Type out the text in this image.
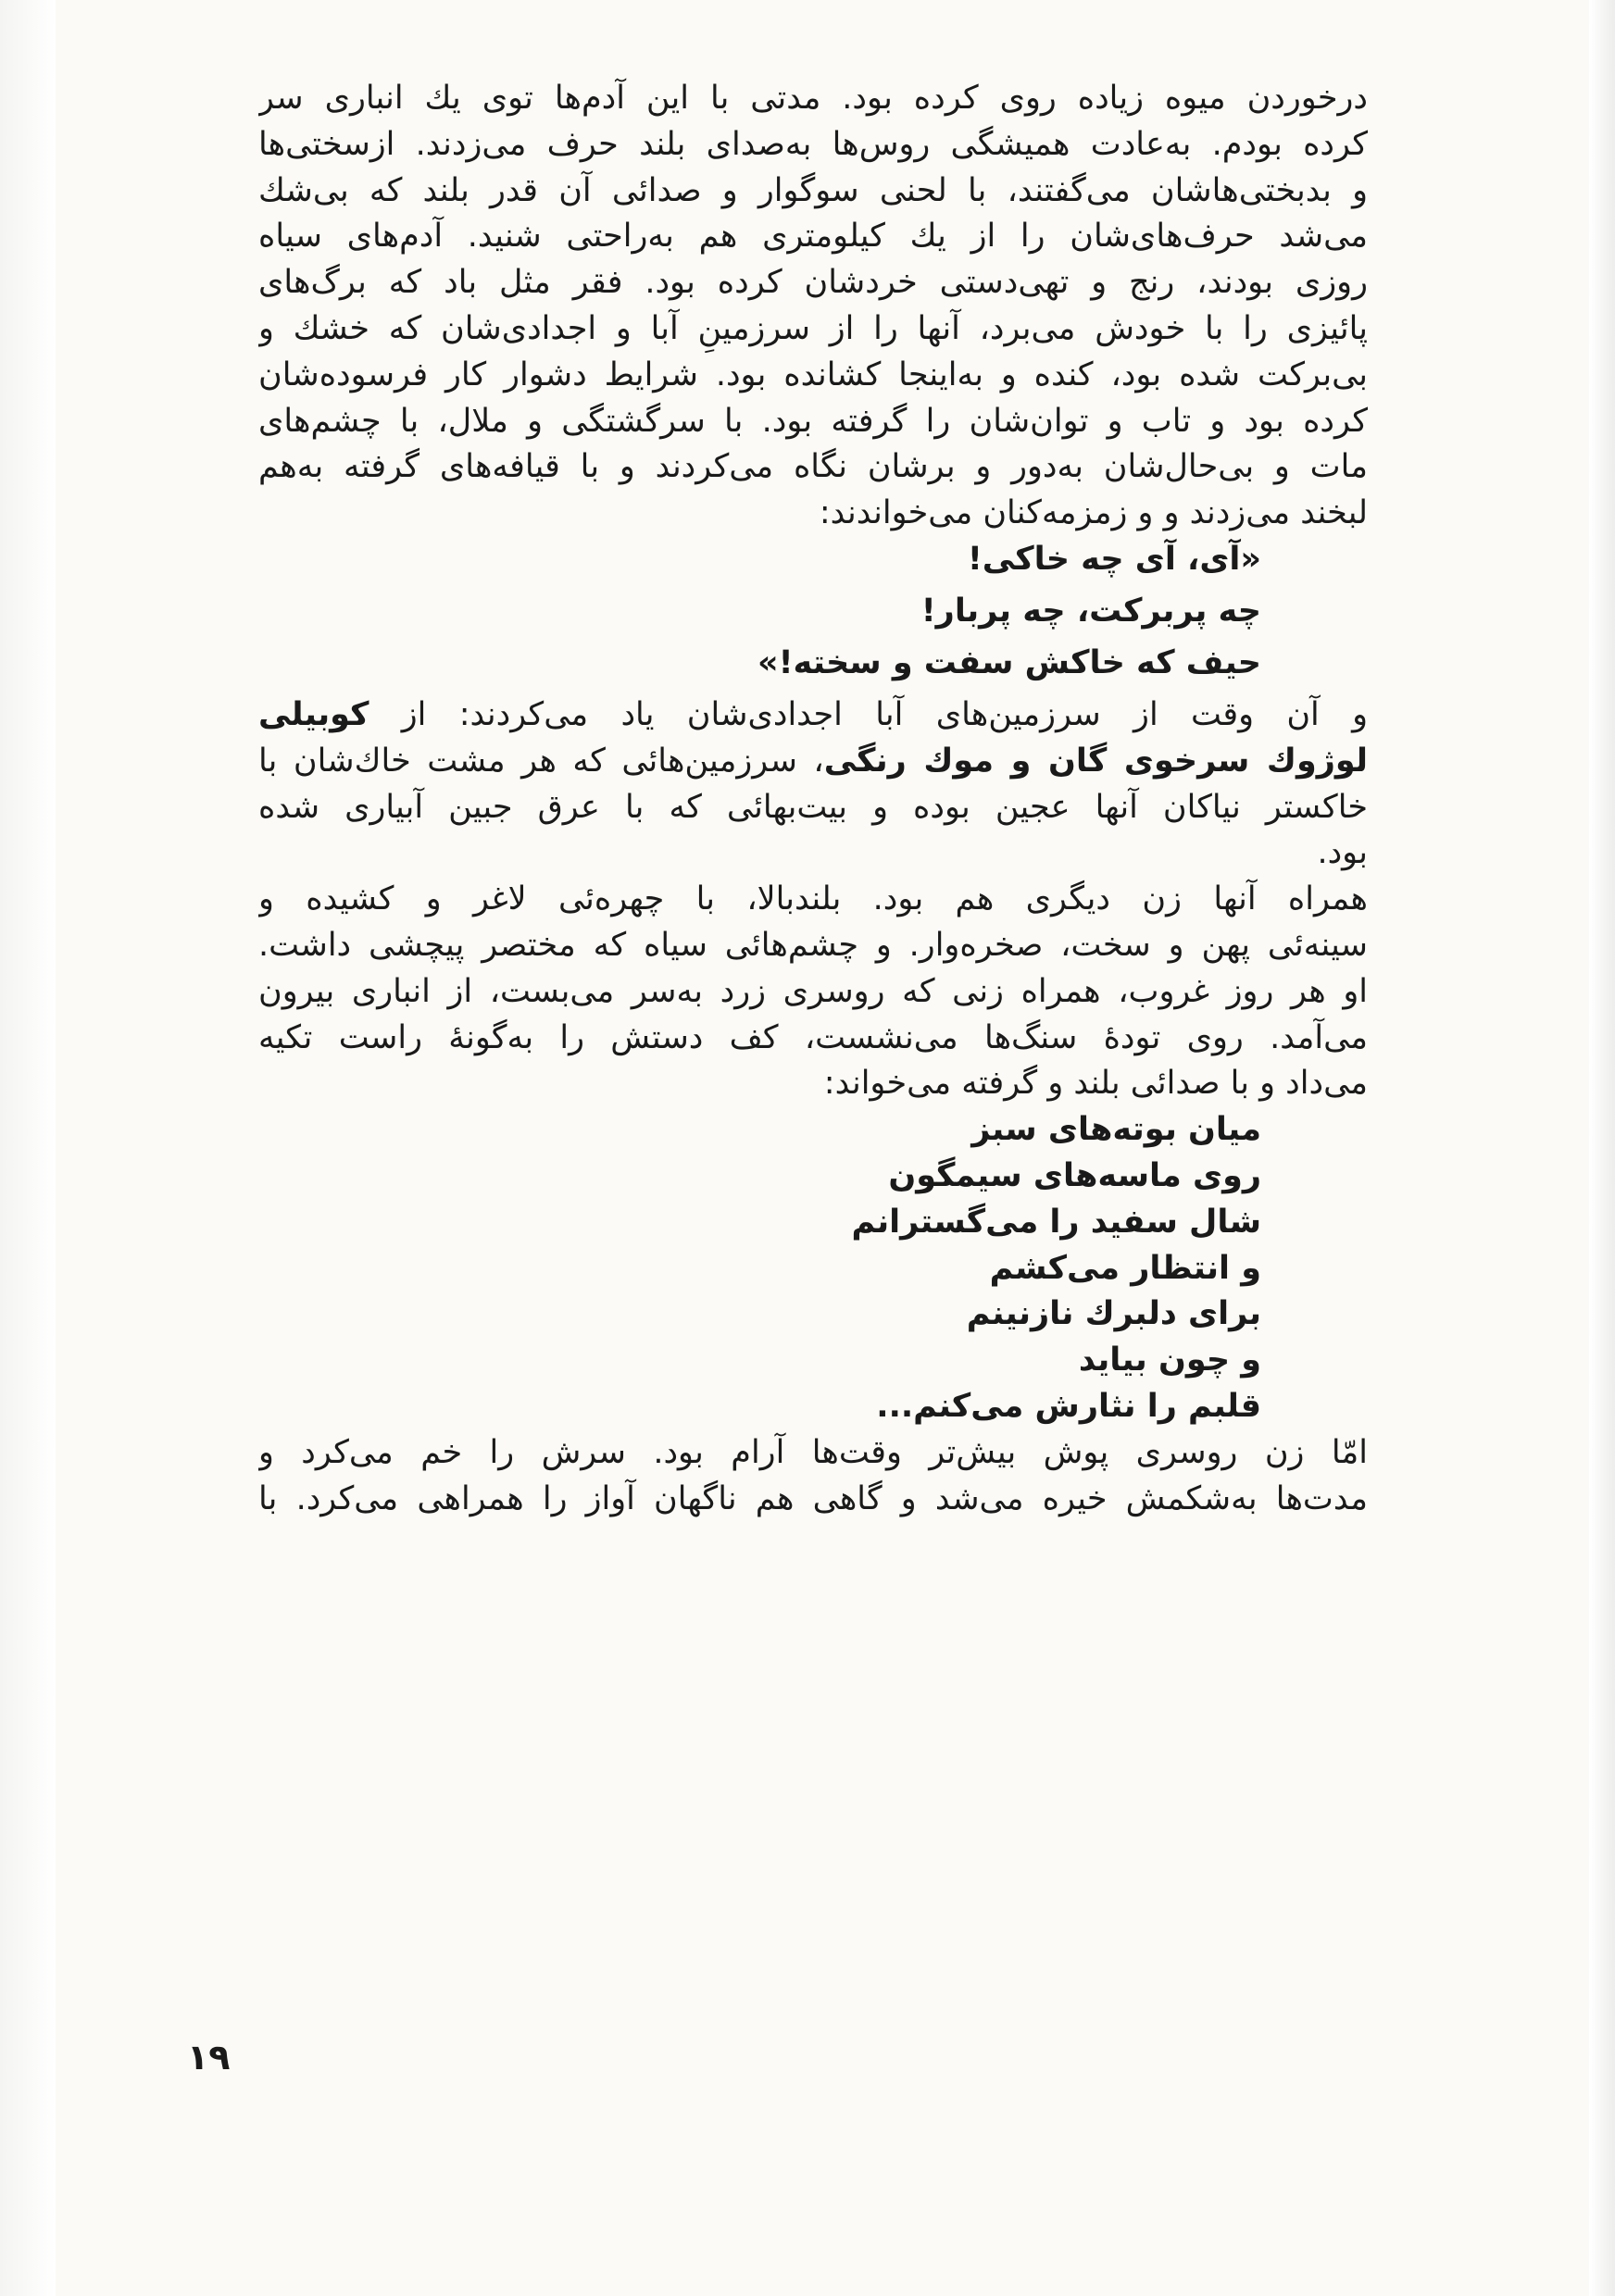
درخوردن میوه زیاده روی کرده بود. مدتی با این آدم‌ها توی یك انباری سر
کرده بودم. به‌عادت همیشگی روس‌ها به‌صدای بلند حرف می‌زدند. ازسختی‌ها
و بدبختی‌هاشان می‌گفتند، با لحنی سوگوار و صدائی آن قدر بلند که بی‌شك
می‌شد حرف‌های‌شان را از یك کیلومتری هم به‌راحتی شنید. آدم‌های سیاه
روزی بودند، رنج و تهی‌دستی خردشان کرده بود. فقر مثل باد که برگ‌های
پائیزی را با خودش می‌برد، آنها را از سرزمینِ آبا و اجدادی‌شان که خشك و
بی‌برکت شده بود، کنده و به‌اینجا کشانده بود. شرایط دشوار کار فرسوده‌شان
کرده بود و تاب و توان‌شان را گرفته بود. با سرگشتگی و ملال، با چشم‌های
مات و بی‌حال‌شان به‌دور و برشان نگاه می‌کردند و با قیافه‌های گرفته به‌هم
لبخند می‌زدند و و زمزمه‌کنان می‌خواندند:
«آی، آی چه خاکی!
چه پربرکت، چه پربار!
حیف که خاکش سفت و سخته!»
و آن وقت از سرزمین‌های آبا اجدادی‌شان یاد می‌کردند: از کوبیلی
لوژوك سرخوی گان و موك رنگی، سرزمین‌هائی که هر مشت خاك‌شان با
خاکستر نیاکان آنها عجین بوده و بیت‌بهائی که با عرق جبین آبیاری شده
بود.
همراه آنها زن دیگری هم بود. بلندبالا، با چهره‌ئی لاغر و کشیده و
سینه‌ئی پهن و سخت، صخره‌وار. و چشم‌هائی سیاه که مختصر پیچشی داشت.
او هر روز غروب، همراه زنی که روسری زرد به‌سر می‌بست، از انباری بیرون
می‌آمد. روی تودهٔ سنگ‌ها می‌نشست، کف دستش را به‌گونهٔ راست تکیه
می‌داد و با صدائی بلند و گرفته می‌خواند:
میان بوته‌های سبز
روی ماسه‌های سیمگون
شال سفید را می‌گسترانم
و انتظار می‌کشم
برای دلبرك نازنینم
و چون بیاید
قلبم را نثارش می‌کنم...
امّا زن روسری پوش بیش‌تر وقت‌ها آرام بود. سرش را خم می‌کرد و
مدت‌ها به‌شکمش خیره می‌شد و گاهی هم ناگهان آواز را همراهی می‌کرد. با
۱۹
